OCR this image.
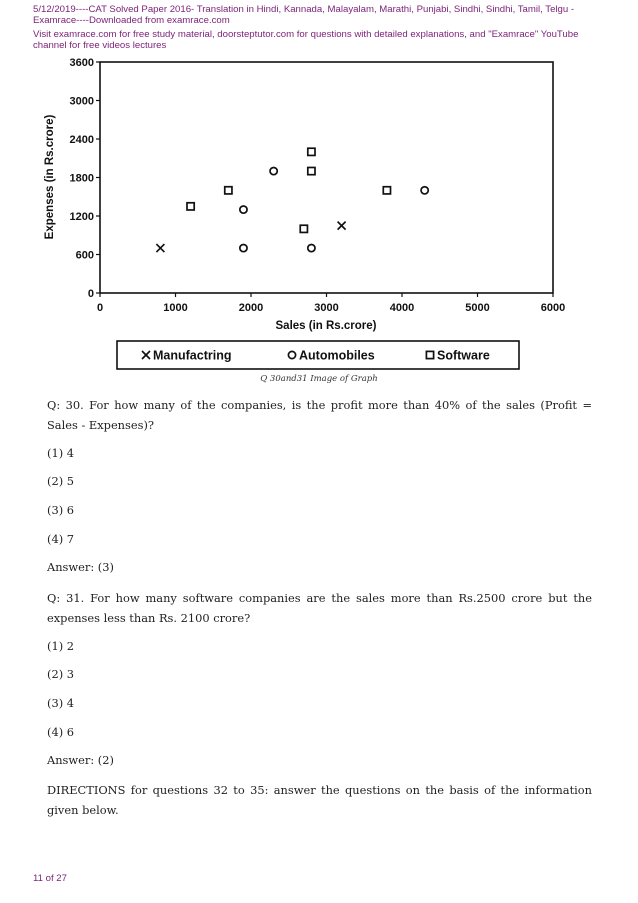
5/12/2019----CAT Solved Paper 2016- Translation in Hindi, Kannada, Malayalam, Marathi, Punjabi, Sindhi, Sindhi, Tamil, Telgu - Examrace----Downloaded from examrace.com
Visit examrace.com for free study material, doorsteptutor.com for questions with detailed explanations, and "Examrace" YouTube channel for free videos lectures
0
600
1200
1800
2400
3000
3600
0	1000	2000	3000	4000	5000	6000
Sales (in Rs.crore)
Expenses (in Rs.crore)
Manufactring	Automobiles	Software
Q 30and31 Image of Graph
Q: 30. For how many of the companies, is the profit more than 40% of the sales (Profit = Sales - Expenses)?
(1) 4
(2) 5
(3) 6
(4) 7
Answer: (3)
Q: 31. For how many software companies are the sales more than Rs.2500 crore but the expenses less than Rs. 2100 crore?
(1) 2
(2) 3
(3) 4
(4) 6
Answer: (2)
DIRECTIONS for questions 32 to 35: answer the questions on the basis of the information given below.
11 of 27
